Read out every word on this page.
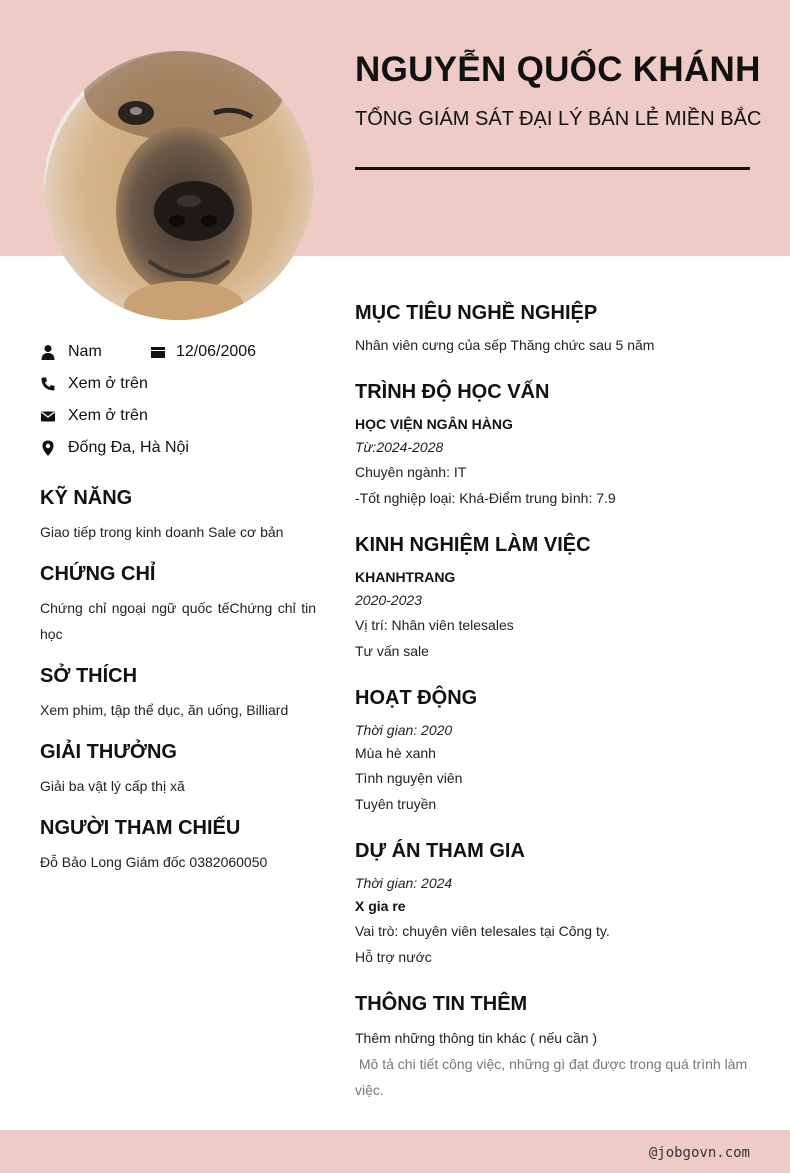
NGUYỄN QUỐC KHÁNH
TỔNG GIÁM SÁT ĐẠI LÝ BÁN LẺ MIỀN BẮC
Nam	12/06/2006
Xem ở trên
Xem ở trên
Đống Đa, Hà Nội
KỸ NĂNG
Giao tiếp trong kinh doanh Sale cơ bản
CHỨNG CHỈ
Chứng chỉ ngoại ngữ quốc tếChứng chỉ tin học
SỞ THÍCH
Xem phim, tập thể dục, ăn uống, Billiard
GIẢI THƯỞNG
Giải ba vật lý cấp thị xã
NGƯỜI THAM CHIẾU
Đỗ Bảo Long Giám đốc 0382060050
MỤC TIÊU NGHỀ NGHIỆP
Nhân viên cưng của sếp Thăng chức sau 5 năm
TRÌNH ĐỘ HỌC VẤN
HỌC VIỆN NGÂN HÀNG
Từ:2024-2028
Chuyên ngành: IT
-Tốt nghiệp loại: Khá-Điểm trung bình: 7.9
KINH NGHIỆM LÀM VIỆC
KHANHTRANG
2020-2023
Vị trí: Nhân viên telesales
Tư vấn sale
HOẠT ĐỘNG
Thời gian: 2020
Mùa hè xanh
Tình nguyện viên
Tuyên truyền
DỰ ÁN THAM GIA
Thời gian: 2024
X gia re
Vai trò: chuyên viên telesales tại Công ty.
Hỗ trợ nước
THÔNG TIN THÊM
Thêm những thông tin khác ( nếu cần )
Mô tả chi tiết công việc, những gì đạt được trong quá trình làm việc.
@jobgovn.com
